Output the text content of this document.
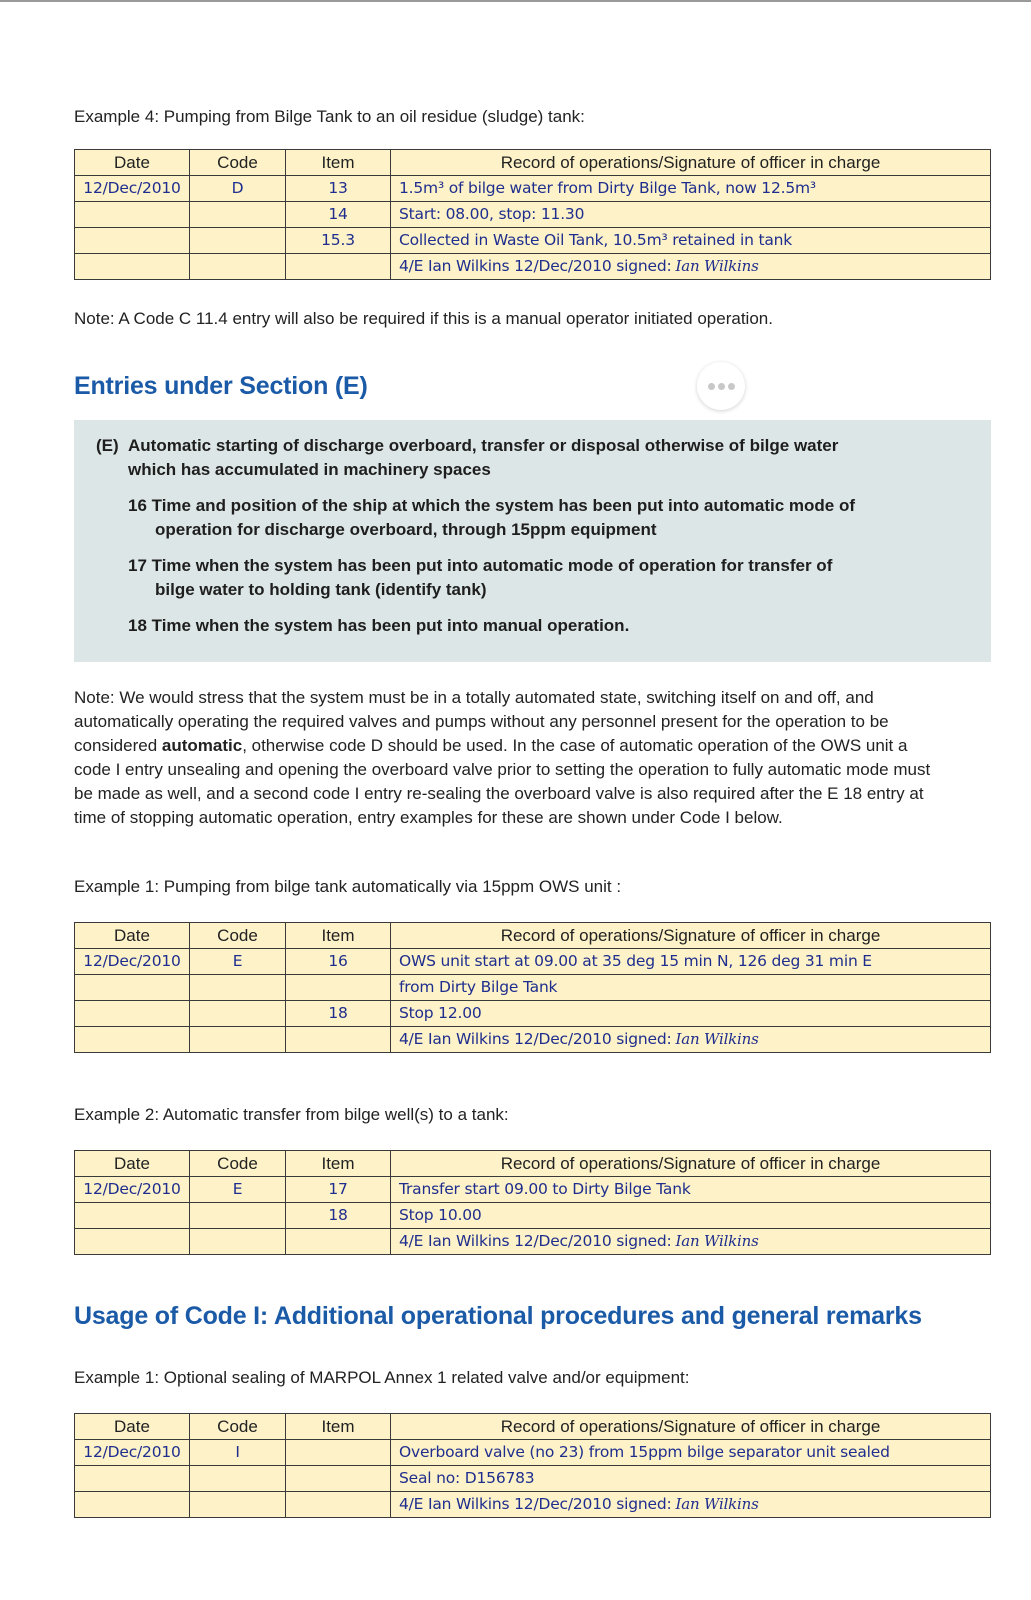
Example 4: Pumping from Bilge Tank to an oil residue (sludge) tank:

Date	Code	Item	Record of operations/Signature of officer in charge
12/Dec/2010	D	13	1.5m³ of bilge water from Dirty Bilge Tank, now 12.5m³
		14	Start: 08.00, stop: 11.30
		15.3	Collected in Waste Oil Tank, 10.5m³ retained in tank
			4/E Ian Wilkins 12/Dec/2010 signed: Ian Wilkins

Note: A Code C 11.4 entry will also be required if this is a manual operator initiated operation.

Entries under Section (E)

(E) Automatic starting of discharge overboard, transfer or disposal otherwise of bilge water

which has accumulated in machinery spaces

16 Time and position of the ship at which the system has been put into automatic mode of

operation for discharge overboard, through 15ppm equipment

17 Time when the system has been put into automatic mode of operation for transfer of

bilge water to holding tank (identify tank)

18 Time when the system has been put into manual operation.

Note: We would stress that the system must be in a totally automated state, switching itself on and off, and

automatically operating the required valves and pumps without any personnel present for the operation to be

considered automatic, otherwise code D should be used. In the case of automatic operation of the OWS unit a

code I entry unsealing and opening the overboard valve prior to setting the operation to fully automatic mode must

be made as well, and a second code I entry re-sealing the overboard valve is also required after the E 18 entry at

time of stopping automatic operation, entry examples for these are shown under Code I below.

Example 1: Pumping from bilge tank automatically via 15ppm OWS unit :

Date	Code	Item	Record of operations/Signature of officer in charge
12/Dec/2010	E	16	OWS unit start at 09.00 at 35 deg 15 min N, 126 deg 31 min E
			from Dirty Bilge Tank
		18	Stop 12.00
			4/E Ian Wilkins 12/Dec/2010 signed: Ian Wilkins

Example 2: Automatic transfer from bilge well(s) to a tank:

Date	Code	Item	Record of operations/Signature of officer in charge
12/Dec/2010	E	17	Transfer start 09.00 to Dirty Bilge Tank
		18	Stop 10.00
			4/E Ian Wilkins 12/Dec/2010 signed: Ian Wilkins
Usage of Code I: Additional operational procedures and general remarks

Example 1: Optional sealing of MARPOL Annex 1 related valve and/or equipment:

Date	Code	Item	Record of operations/Signature of officer in charge
12/Dec/2010	I		Overboard valve (no 23) from 15ppm bilge separator unit sealed
			Seal no: D156783
			4/E Ian Wilkins 12/Dec/2010 signed: Ian Wilkins
